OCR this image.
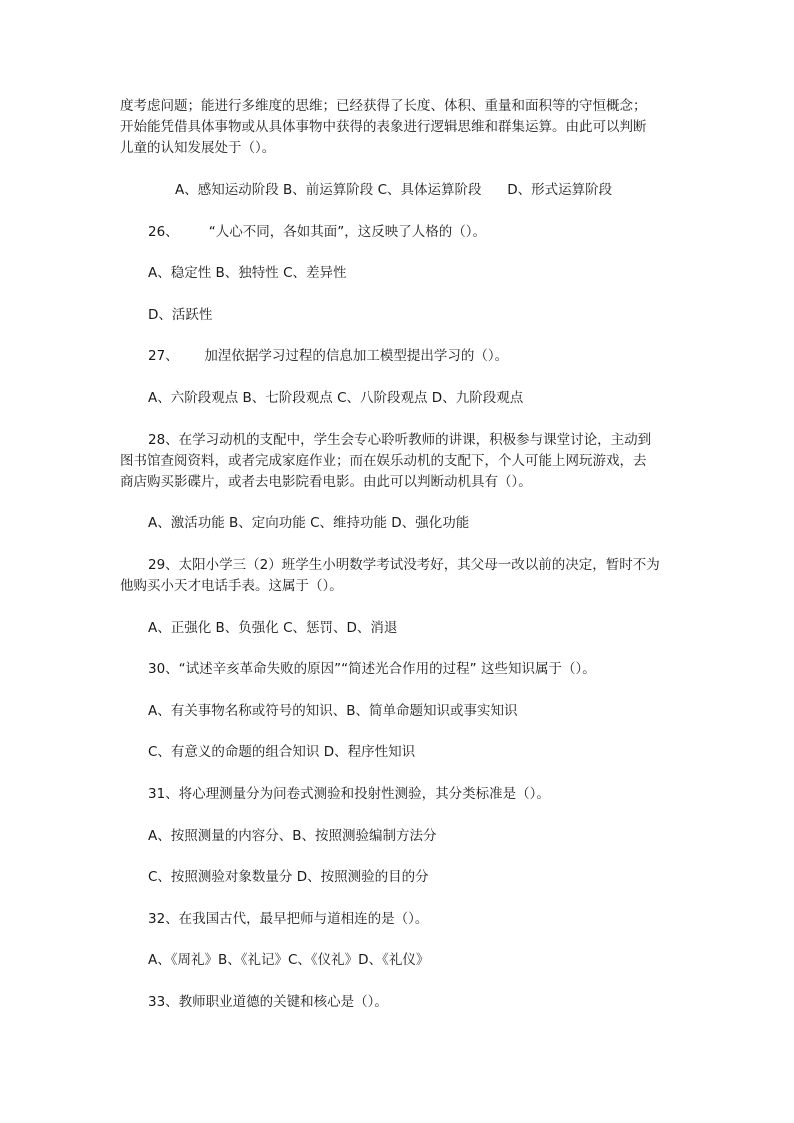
度考虑问题；能进行多维度的思维；已经获得了长度、体积、重量和面积等的守恒概念；

开始能凭借具体事物或从具体事物中获得的表象进行逻辑思维和群集运算。由此可以判断

儿童的认知发展处于（）。

A、感知运动阶段 B、前运算阶段 C、具体运算阶段      D、形式运算阶段

26、       “人心不同，各如其面”，这反映了人格的（）。

A、稳定性 B、独特性 C、差异性

D、活跃性

27、      加涅依据学习过程的信息加工模型提出学习的（）。

A、六阶段观点 B、七阶段观点 C、八阶段观点 D、九阶段观点

28、在学习动机的支配中，学生会专心聆听教师的讲课，积极参与课堂讨论，主动到

图书馆查阅资料，或者完成家庭作业；而在娱乐动机的支配下，个人可能上网玩游戏，去

商店购买影碟片，或者去电影院看电影。由此可以判断动机具有（）。

A、激活功能 B、定向功能 C、维持功能 D、强化功能

29、太阳小学三（2）班学生小明数学考试没考好，其父母一改以前的决定，暂时不为

他购买小天才电话手表。这属于（）。

A、正强化 B、负强化 C、惩罚、D、消退

30、“试述辛亥革命失败的原因”“简述光合作用的过程” 这些知识属于（）。

A、有关事物名称或符号的知识、B、简单命题知识或事实知识

C、有意义的命题的组合知识 D、程序性知识

31、将心理测量分为问卷式测验和投射性测验，其分类标准是（）。

A、按照测量的内容分、B、按照测验编制方法分

C、按照测验对象数量分 D、按照测验的目的分

32、在我国古代，最早把师与道相连的是（）。

A、《周礼》B、《礼记》C、《仪礼》D、《礼仪》

33、教师职业道德的关键和核心是（）。
